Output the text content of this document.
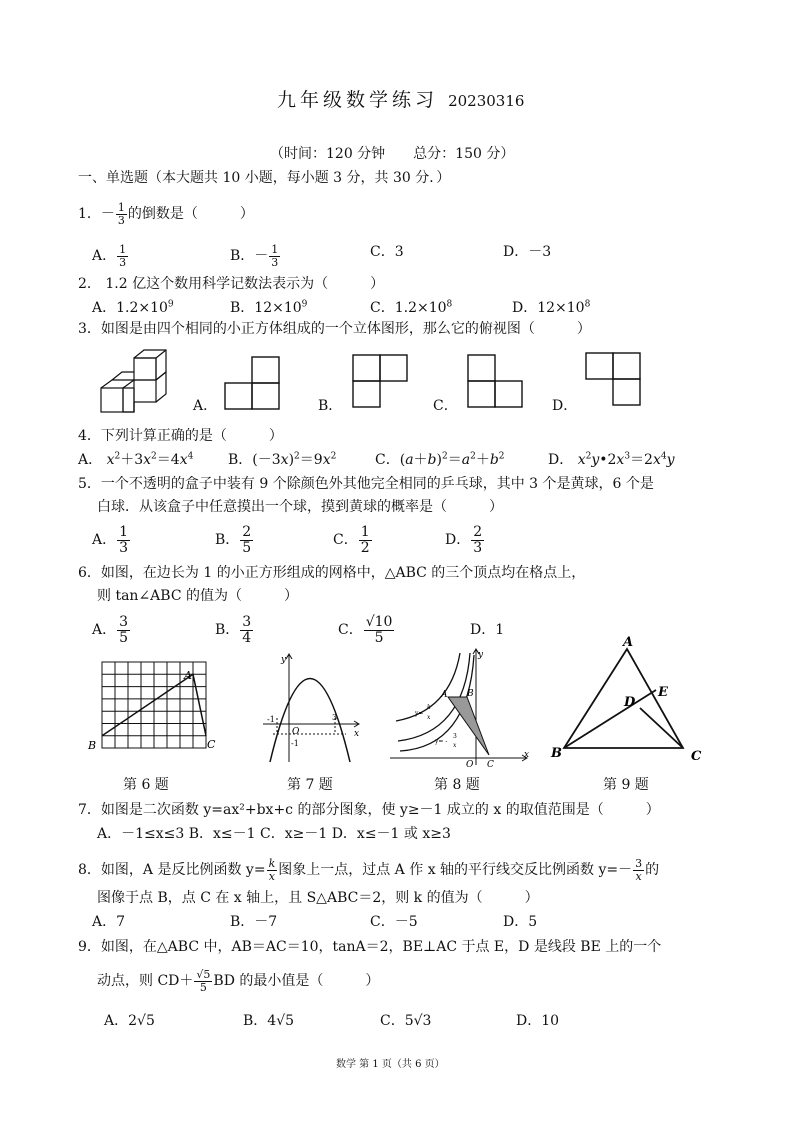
九年级数学练习 20230316
（时间：120 分钟　　总分：150 分）
一、单选题（本大题共 10 小题，每小题 3 分，共 30 分．）
1．－ $\frac{1}{3}$ 的倒数是（　　　）
A． $\frac{1}{3}$	B．－ $\frac{1}{3}$	C．3	D．－3
2． 1.2 亿这个数用科学记数法表示为（　　　）
A．$1.2\times 10^9$	B．$12\times 10^9$	C．$1.2\times 10^8$	D．$12\times 10^8$
3．如图是由四个相同的小正方体组成的一个立体图形，那么它的俯视图（　　　）
A．	B．	C．	D．
4．下列计算正确的是（　　　）
A． $x^2+3x^2=4x^4$ B．$(-3x)^2=9x^2$	C．$(a+b)^2=a^2+b^2$	D． $x^2y•2x^3=2x^4y$
5．一个不透明的盒子中装有 9 个除颜色外其他完全相同的乒乓球，其中 3 个是黄球，6 个是
白球．从该盒子中任意摸出一个球，摸到黄球的概率是（　　　）
A． $\frac{1}{3}$	B． $\frac{2}{5}$	C． $\frac{1}{2}$	D． $\frac{2}{3}$
6．如图，在边长为 1 的小正方形组成的网格中，△ABC 的三个顶点均在格点上，
则 tan∠ABC 的值为（　　　）
A． $\frac{3}{5}$	B． $\frac{3}{4}$	C． $\frac{√10}{5}$	D．1
A
B	C
第 6 题
y
x
O
-1	3
-1
第 7 题
y
x
O
A B
C
y=
k
x
y= -
3
x
第 8 题
A
B	C
D
E
第 9 题
7．如图是二次函数 y=ax²+bx+c 的部分图象，使 y≥－1 成立的 x 的取值范围是（　　　）
A．－1≤x≤3 B．x≤－1 C．x≥－1 D．x≤－1 或 x≥3
8．如图，A 是反比例函数 $y= \frac{k}{x}$ 图象上一点，过点 A 作 x 轴的平行线交反比例函数 $y=- \frac{3}{x}$ 的
图像于点 B，点 C 在 x 轴上，且 S△ABC＝2，则 k 的值为（　　　）
A．7	B．－7	C．－5	D．5
9．如图，在△ABC 中，AB＝AC＝10，tanA＝2，BE⊥AC 于点 E，D 是线段 BE 上的一个
动点，则 $CD+ \frac{√5}{5}$ BD 的最小值是（　　　）
A．2√5	B．4√5	C．5√3	D．10
数学 第 1 页（共 6 页）
